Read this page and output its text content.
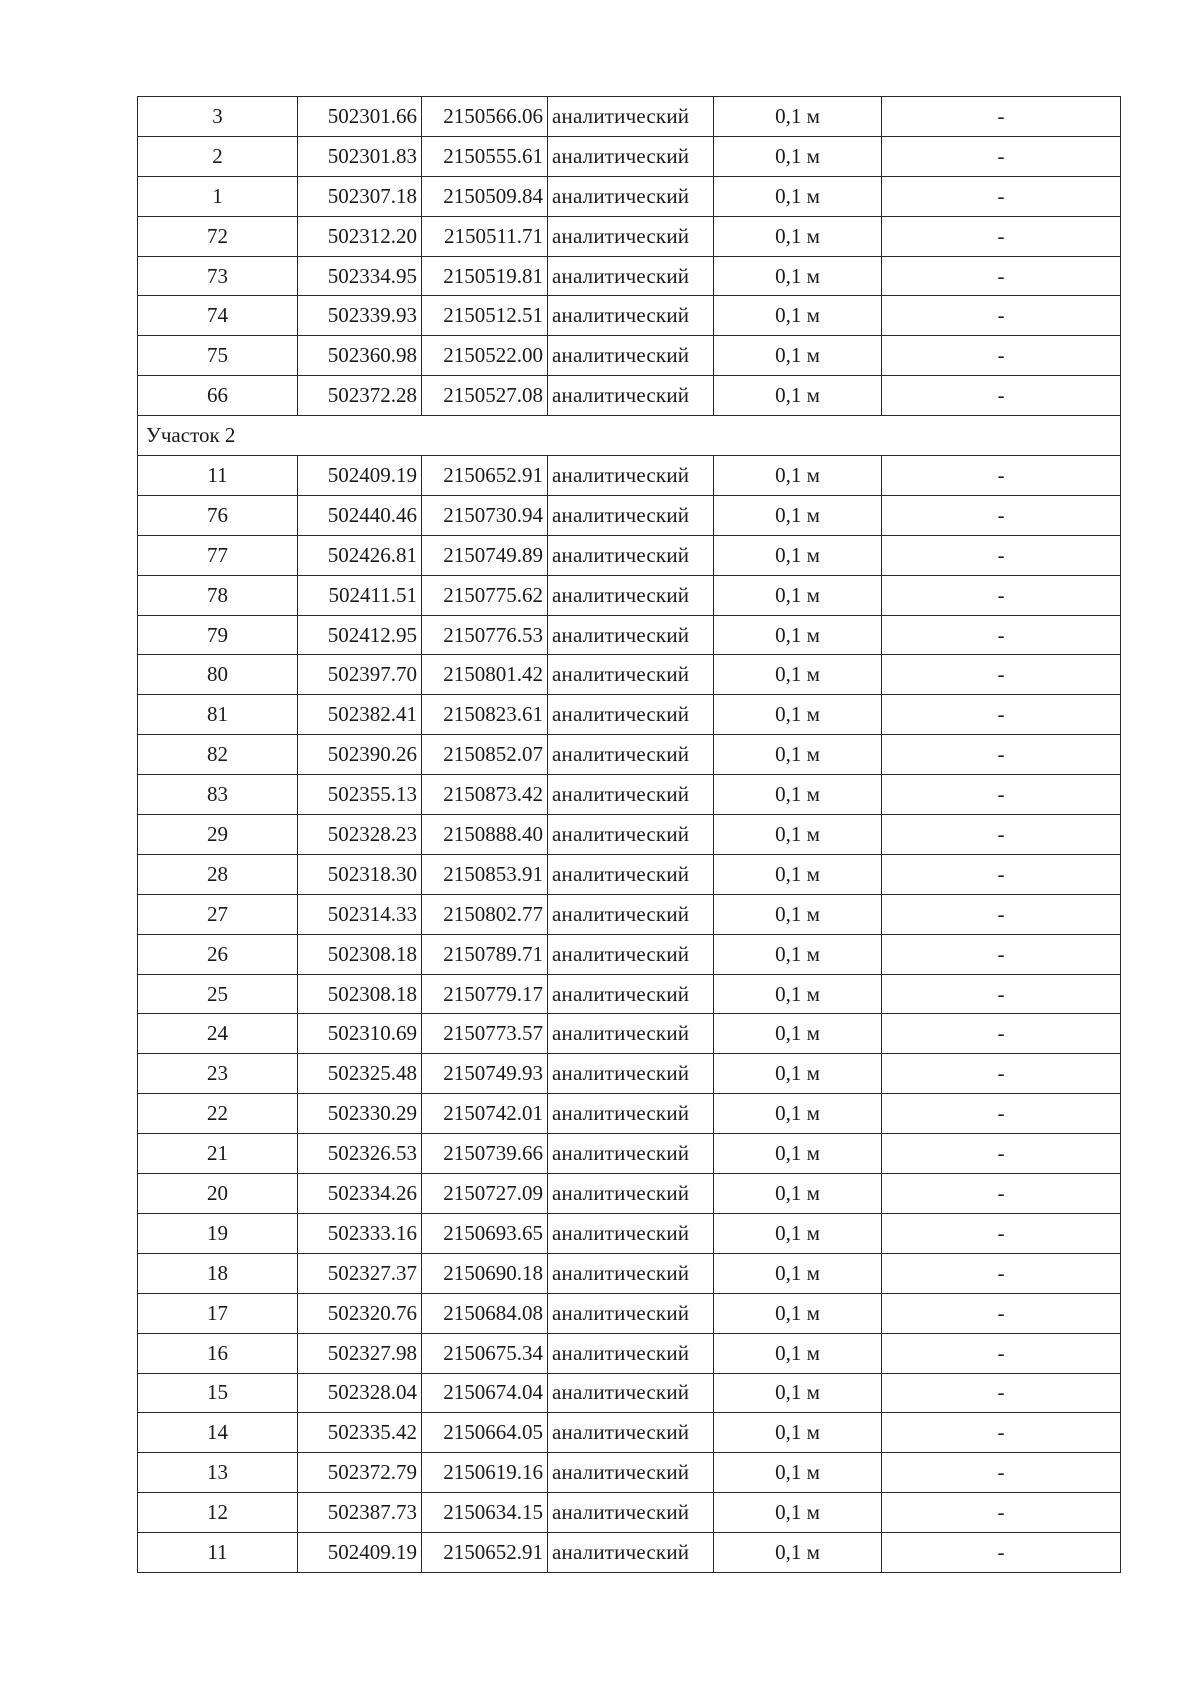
3	502301.66	2150566.06	аналитический	0,1 м	-
2	502301.83	2150555.61	аналитический	0,1 м	-
1	502307.18	2150509.84	аналитический	0,1 м	-
72	502312.20	2150511.71	аналитический	0,1 м	-
73	502334.95	2150519.81	аналитический	0,1 м	-
74	502339.93	2150512.51	аналитический	0,1 м	-
75	502360.98	2150522.00	аналитический	0,1 м	-
66	502372.28	2150527.08	аналитический	0,1 м	-
Участок 2					
11	502409.19	2150652.91	аналитический	0,1 м	-
76	502440.46	2150730.94	аналитический	0,1 м	-
77	502426.81	2150749.89	аналитический	0,1 м	-
78	502411.51	2150775.62	аналитический	0,1 м	-
79	502412.95	2150776.53	аналитический	0,1 м	-
80	502397.70	2150801.42	аналитический	0,1 м	-
81	502382.41	2150823.61	аналитический	0,1 м	-
82	502390.26	2150852.07	аналитический	0,1 м	-
83	502355.13	2150873.42	аналитический	0,1 м	-
29	502328.23	2150888.40	аналитический	0,1 м	-
28	502318.30	2150853.91	аналитический	0,1 м	-
27	502314.33	2150802.77	аналитический	0,1 м	-
26	502308.18	2150789.71	аналитический	0,1 м	-
25	502308.18	2150779.17	аналитический	0,1 м	-
24	502310.69	2150773.57	аналитический	0,1 м	-
23	502325.48	2150749.93	аналитический	0,1 м	-
22	502330.29	2150742.01	аналитический	0,1 м	-
21	502326.53	2150739.66	аналитический	0,1 м	-
20	502334.26	2150727.09	аналитический	0,1 м	-
19	502333.16	2150693.65	аналитический	0,1 м	-
18	502327.37	2150690.18	аналитический	0,1 м	-
17	502320.76	2150684.08	аналитический	0,1 м	-
16	502327.98	2150675.34	аналитический	0,1 м	-
15	502328.04	2150674.04	аналитический	0,1 м	-
14	502335.42	2150664.05	аналитический	0,1 м	-
13	502372.79	2150619.16	аналитический	0,1 м	-
12	502387.73	2150634.15	аналитический	0,1 м	-
11	502409.19	2150652.91	аналитический	0,1 м	-
